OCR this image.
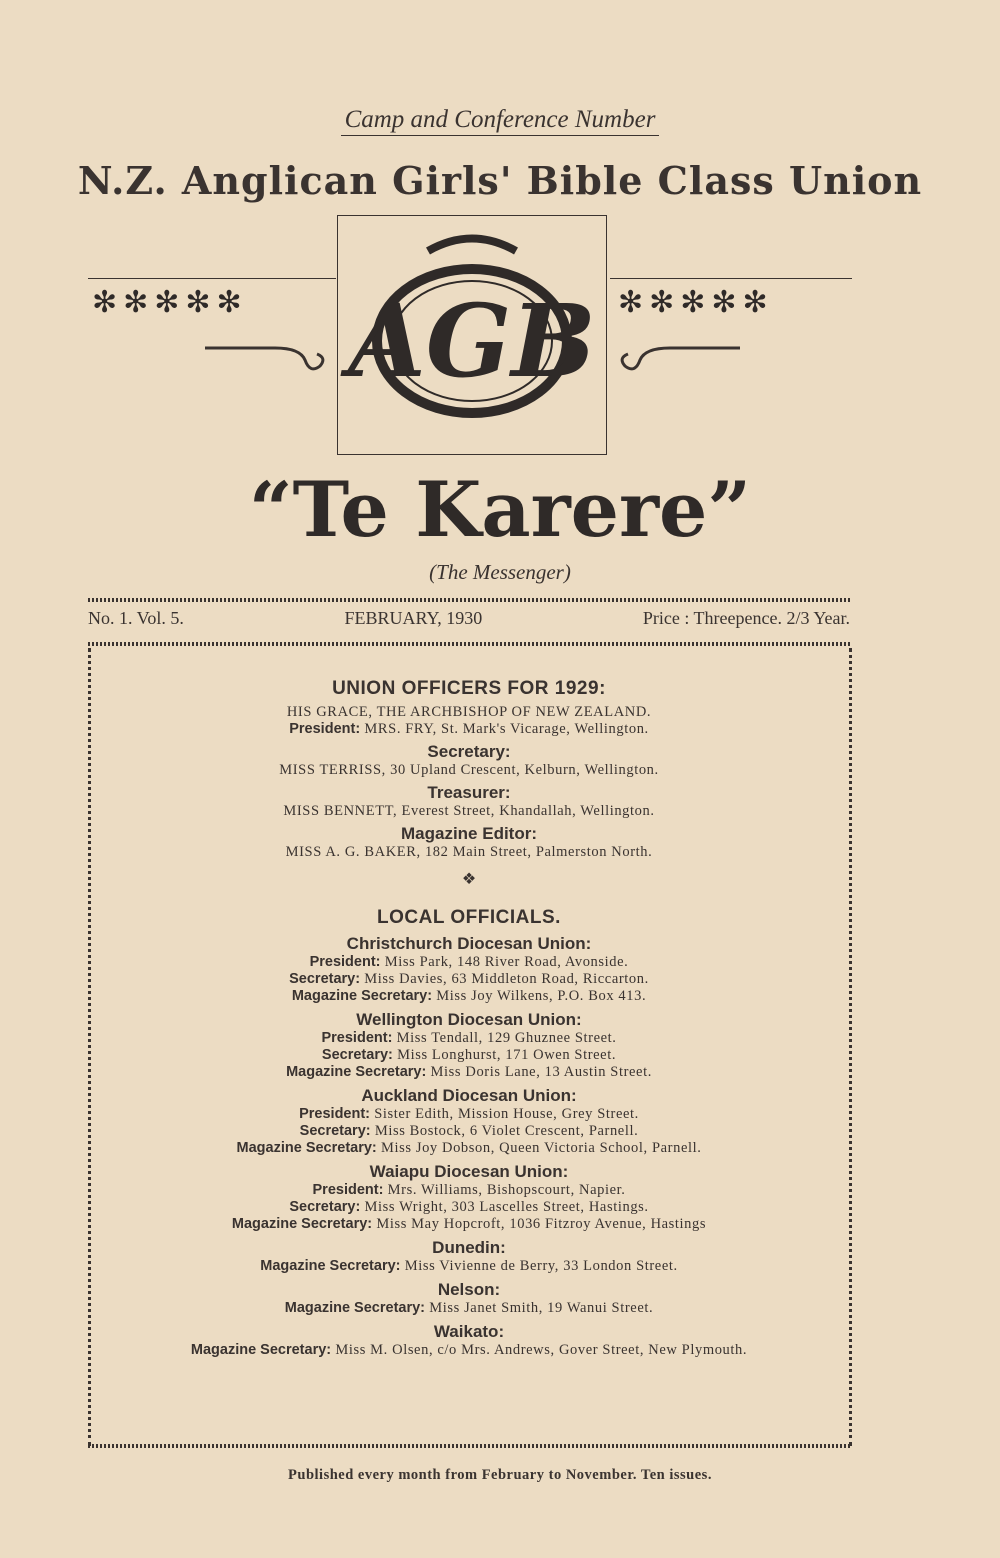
Camp and Conference Number
N.Z. Anglican Girls' Bible Class Union
✻✻✻✻✻	✻✻✻✻✻
AGB
“Te Karere”
(The Messenger)
No. 1. Vol. 5.	FEBRUARY, 1930	Price : Threepence. 2/3 Year.
UNION OFFICERS FOR 1929:
HIS GRACE, THE ARCHBISHOP OF NEW ZEALAND.
President: MRS. FRY, St. Mark's Vicarage, Wellington.
Secretary:
MISS TERRISS, 30 Upland Crescent, Kelburn, Wellington.
Treasurer:
MISS BENNETT, Everest Street, Khandallah, Wellington.
Magazine Editor:
MISS A. G. BAKER, 182 Main Street, Palmerston North.
❖
LOCAL OFFICIALS.
Christchurch Diocesan Union:
President: Miss Park, 148 River Road, Avonside.
Secretary: Miss Davies, 63 Middleton Road, Riccarton.
Magazine Secretary: Miss Joy Wilkens, P.O. Box 413.
Wellington Diocesan Union:
President: Miss Tendall, 129 Ghuznee Street.
Secretary: Miss Longhurst, 171 Owen Street.
Magazine Secretary: Miss Doris Lane, 13 Austin Street.
Auckland Diocesan Union:
President: Sister Edith, Mission House, Grey Street.
Secretary: Miss Bostock, 6 Violet Crescent, Parnell.
Magazine Secretary: Miss Joy Dobson, Queen Victoria School, Parnell.
Waiapu Diocesan Union:
President: Mrs. Williams, Bishopscourt, Napier.
Secretary: Miss Wright, 303 Lascelles Street, Hastings.
Magazine Secretary: Miss May Hopcroft, 1036 Fitzroy Avenue, Hastings
Dunedin:
Magazine Secretary: Miss Vivienne de Berry, 33 London Street.
Nelson:
Magazine Secretary: Miss Janet Smith, 19 Wanui Street.
Waikato:
Magazine Secretary: Miss M. Olsen, c/o Mrs. Andrews, Gover Street, New Plymouth.
Published every month from February to November. Ten issues.
